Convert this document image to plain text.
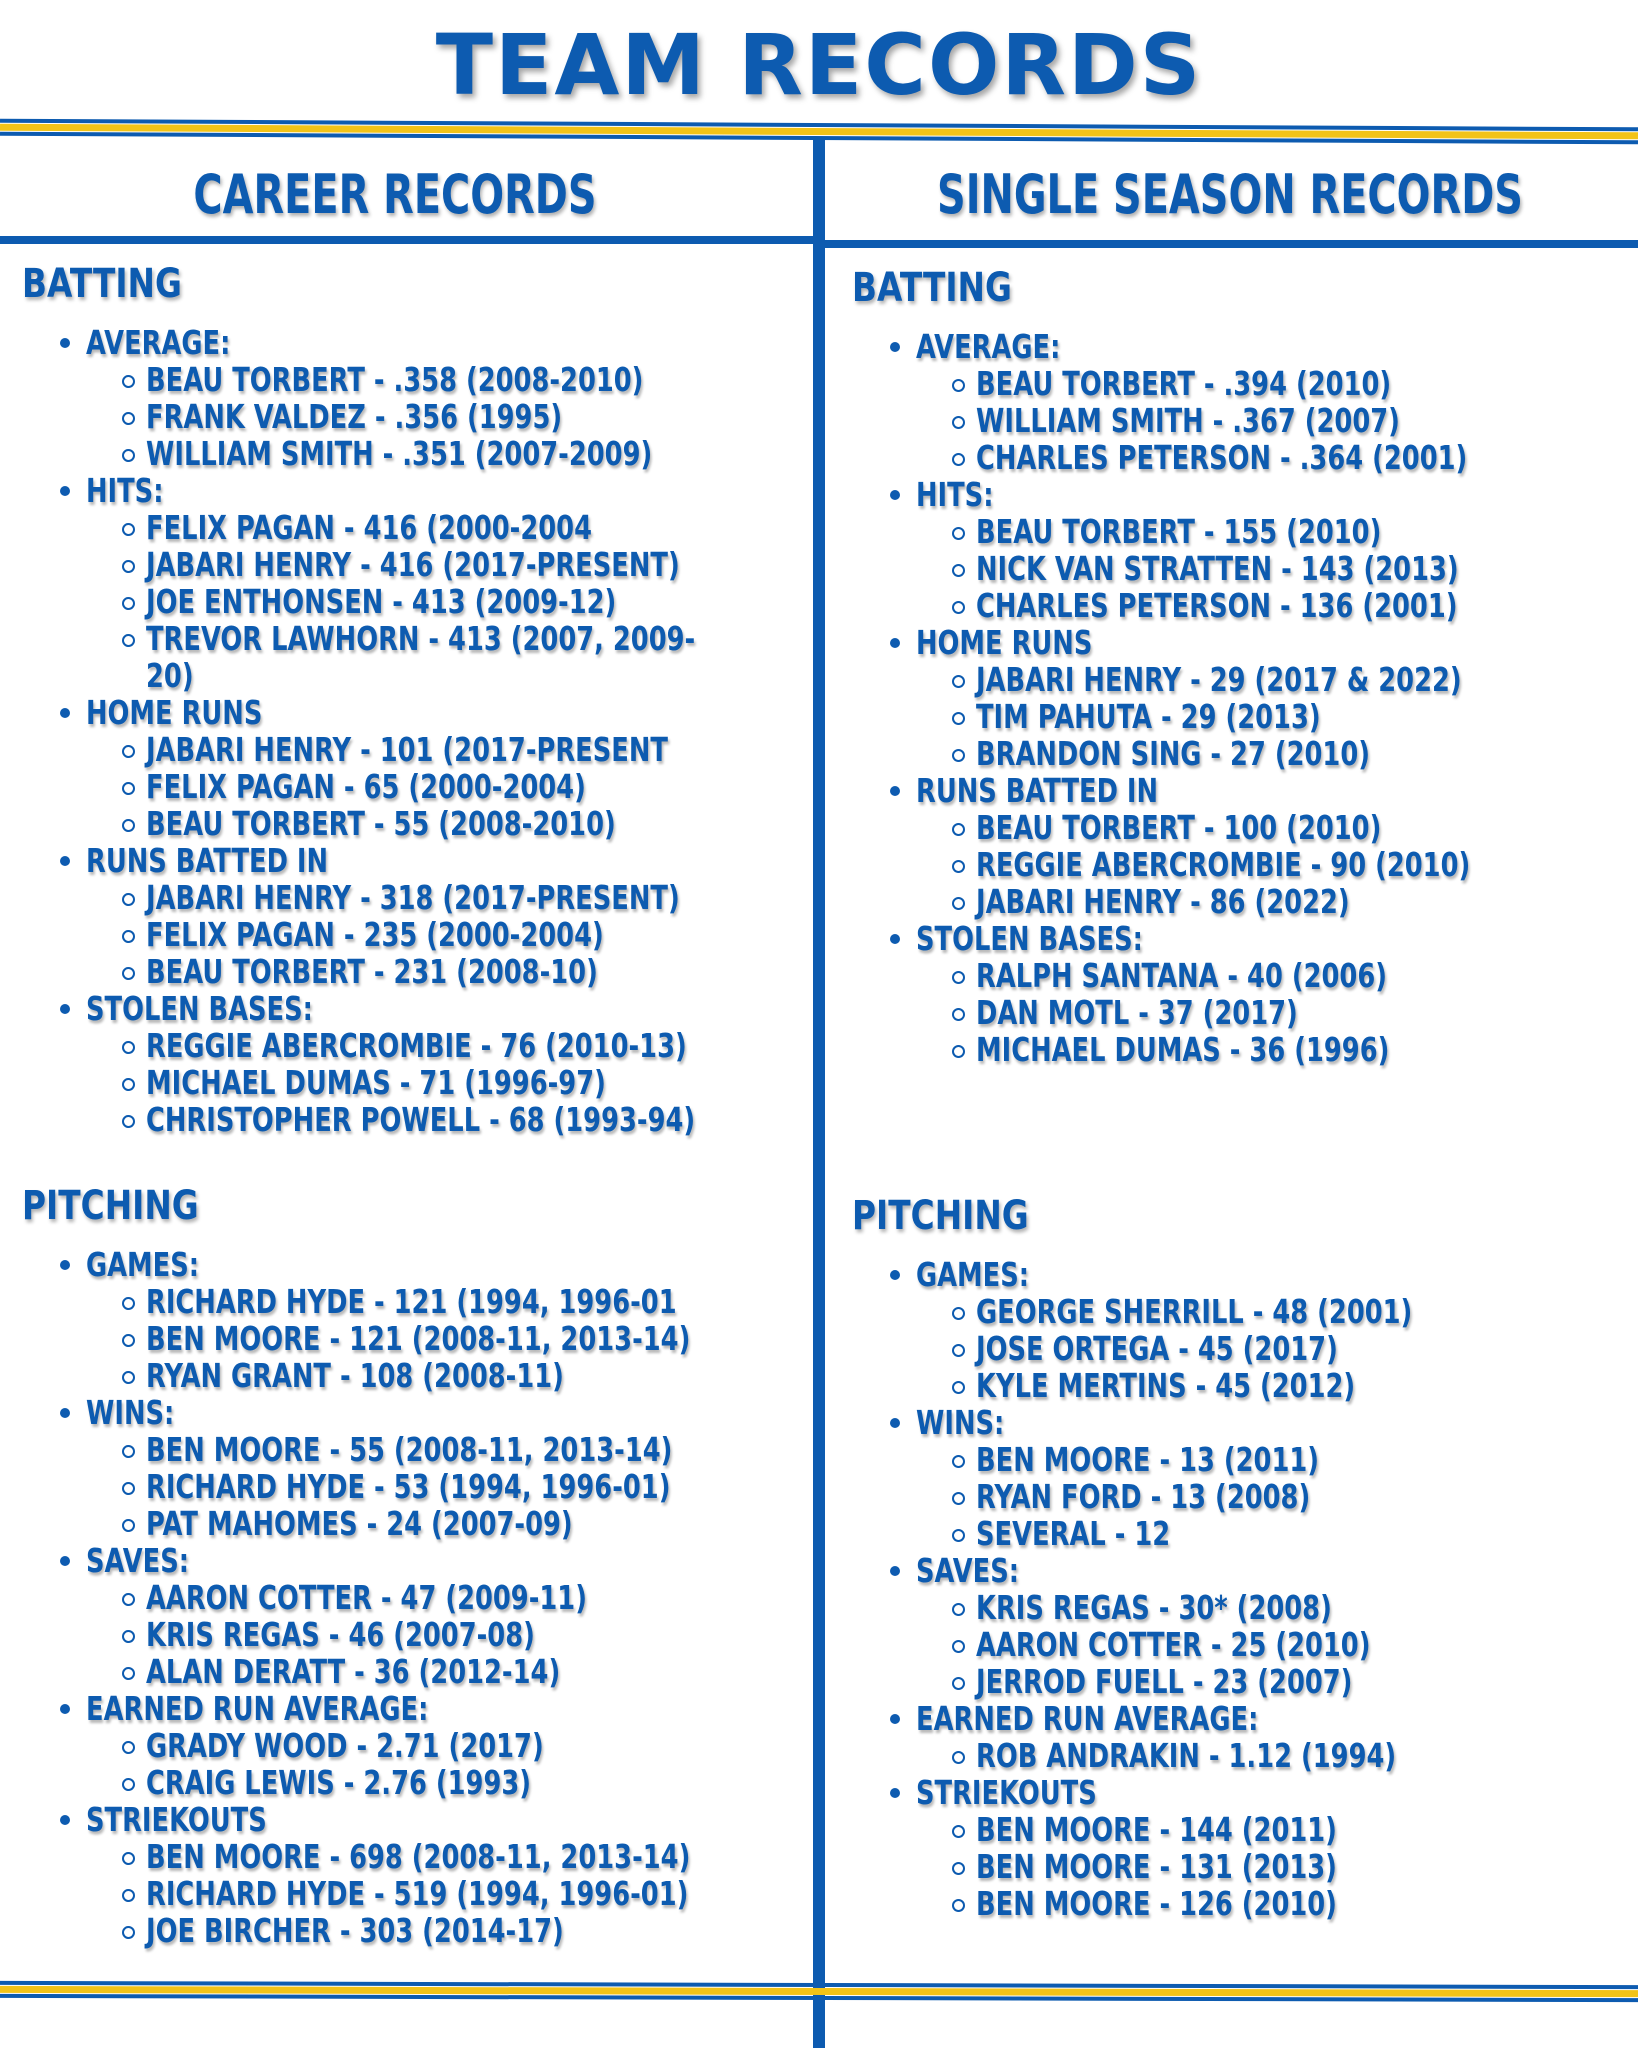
TEAM RECORDS
CAREER RECORDS	SINGLE SEASON RECORDS
BATTING
AVERAGE:
BEAU TORBERT - .358 (2008-2010)
FRANK VALDEZ - .356 (1995)
WILLIAM SMITH - .351 (2007-2009)
HITS:
FELIX PAGAN - 416 (2000-2004
JABARI HENRY - 416 (2017-PRESENT)
JOE ENTHONSEN - 413 (2009-12)
TREVOR LAWHORN - 413 (2007, 2009-
20)
HOME RUNS
JABARI HENRY - 101 (2017-PRESENT
FELIX PAGAN - 65 (2000-2004)
BEAU TORBERT - 55 (2008-2010)
RUNS BATTED IN
JABARI HENRY - 318 (2017-PRESENT)
FELIX PAGAN - 235 (2000-2004)
BEAU TORBERT - 231 (2008-10)
STOLEN BASES:
REGGIE ABERCROMBIE - 76 (2010-13)
MICHAEL DUMAS - 71 (1996-97)
CHRISTOPHER POWELL - 68 (1993-94)
PITCHING
GAMES:
RICHARD HYDE - 121 (1994, 1996-01
BEN MOORE - 121 (2008-11, 2013-14)
RYAN GRANT - 108 (2008-11)
WINS:
BEN MOORE - 55 (2008-11, 2013-14)
RICHARD HYDE - 53 (1994, 1996-01)
PAT MAHOMES - 24 (2007-09)
SAVES:
AARON COTTER - 47 (2009-11)
KRIS REGAS - 46 (2007-08)
ALAN DERATT - 36 (2012-14)
EARNED RUN AVERAGE:
GRADY WOOD - 2.71 (2017)
CRAIG LEWIS - 2.76 (1993)
STRIEKOUTS
BEN MOORE - 698 (2008-11, 2013-14)
RICHARD HYDE - 519 (1994, 1996-01)
JOE BIRCHER - 303 (2014-17)
BATTING
AVERAGE:
BEAU TORBERT - .394 (2010)
WILLIAM SMITH - .367 (2007)
CHARLES PETERSON - .364 (2001)
HITS:
BEAU TORBERT - 155 (2010)
NICK VAN STRATTEN - 143 (2013)
CHARLES PETERSON - 136 (2001)
HOME RUNS
JABARI HENRY - 29 (2017 & 2022)
TIM PAHUTA - 29 (2013)
BRANDON SING - 27 (2010)
RUNS BATTED IN
BEAU TORBERT - 100 (2010)
REGGIE ABERCROMBIE - 90 (2010)
JABARI HENRY - 86 (2022)
STOLEN BASES:
RALPH SANTANA - 40 (2006)
DAN MOTL - 37 (2017)
MICHAEL DUMAS - 36 (1996)
PITCHING
GAMES:
GEORGE SHERRILL - 48 (2001)
JOSE ORTEGA - 45 (2017)
KYLE MERTINS - 45 (2012)
WINS:
BEN MOORE - 13 (2011)
RYAN FORD - 13 (2008)
SEVERAL - 12
SAVES:
KRIS REGAS - 30* (2008)
AARON COTTER - 25 (2010)
JERROD FUELL - 23 (2007)
EARNED RUN AVERAGE:
ROB ANDRAKIN - 1.12 (1994)
STRIEKOUTS
BEN MOORE - 144 (2011)
BEN MOORE - 131 (2013)
BEN MOORE - 126 (2010)
